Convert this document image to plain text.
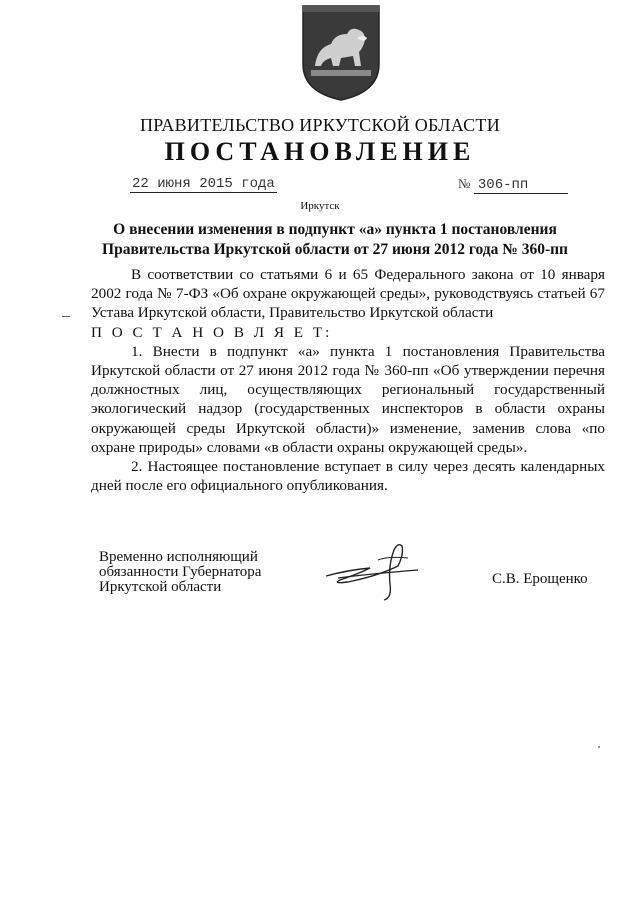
ПРАВИТЕЛЬСТВО ИРКУТСКОЙ ОБЛАСТИ
ПОСТАНОВЛЕНИЕ
22 июня 2015 года	№ 306-пп
Иркутск
О внесении изменения в подпункт «а» пункта 1 постановления
Правительства Иркутской области от 27 июня 2012 года № 360-пп

В соответствии со статьями 6 и 65 Федерального закона от 10 января 2002 года № 7-ФЗ «Об охране окружающей среды», руководствуясь статьей 67 Устава Иркутской области, Правительство Иркутской области

П О С Т А Н О В Л Я Е Т:

1. Внести в подпункт «а» пункта 1 постановления Правительства Иркутской области от 27 июня 2012 года № 360-пп «Об утверждении перечня должностных лиц, осуществляющих региональный государственный экологический надзор (государственных инспекторов в области охраны окружающей среды Иркутской области)» изменение, заменив слова «по охране природы» словами «в области охраны окружающей среды».

2. Настоящее постановление вступает в силу через десять календарных дней после его официального опубликования.

Временно исполняющий
обязанности Губернатора
Иркутской области	С.В. Ерощенко
